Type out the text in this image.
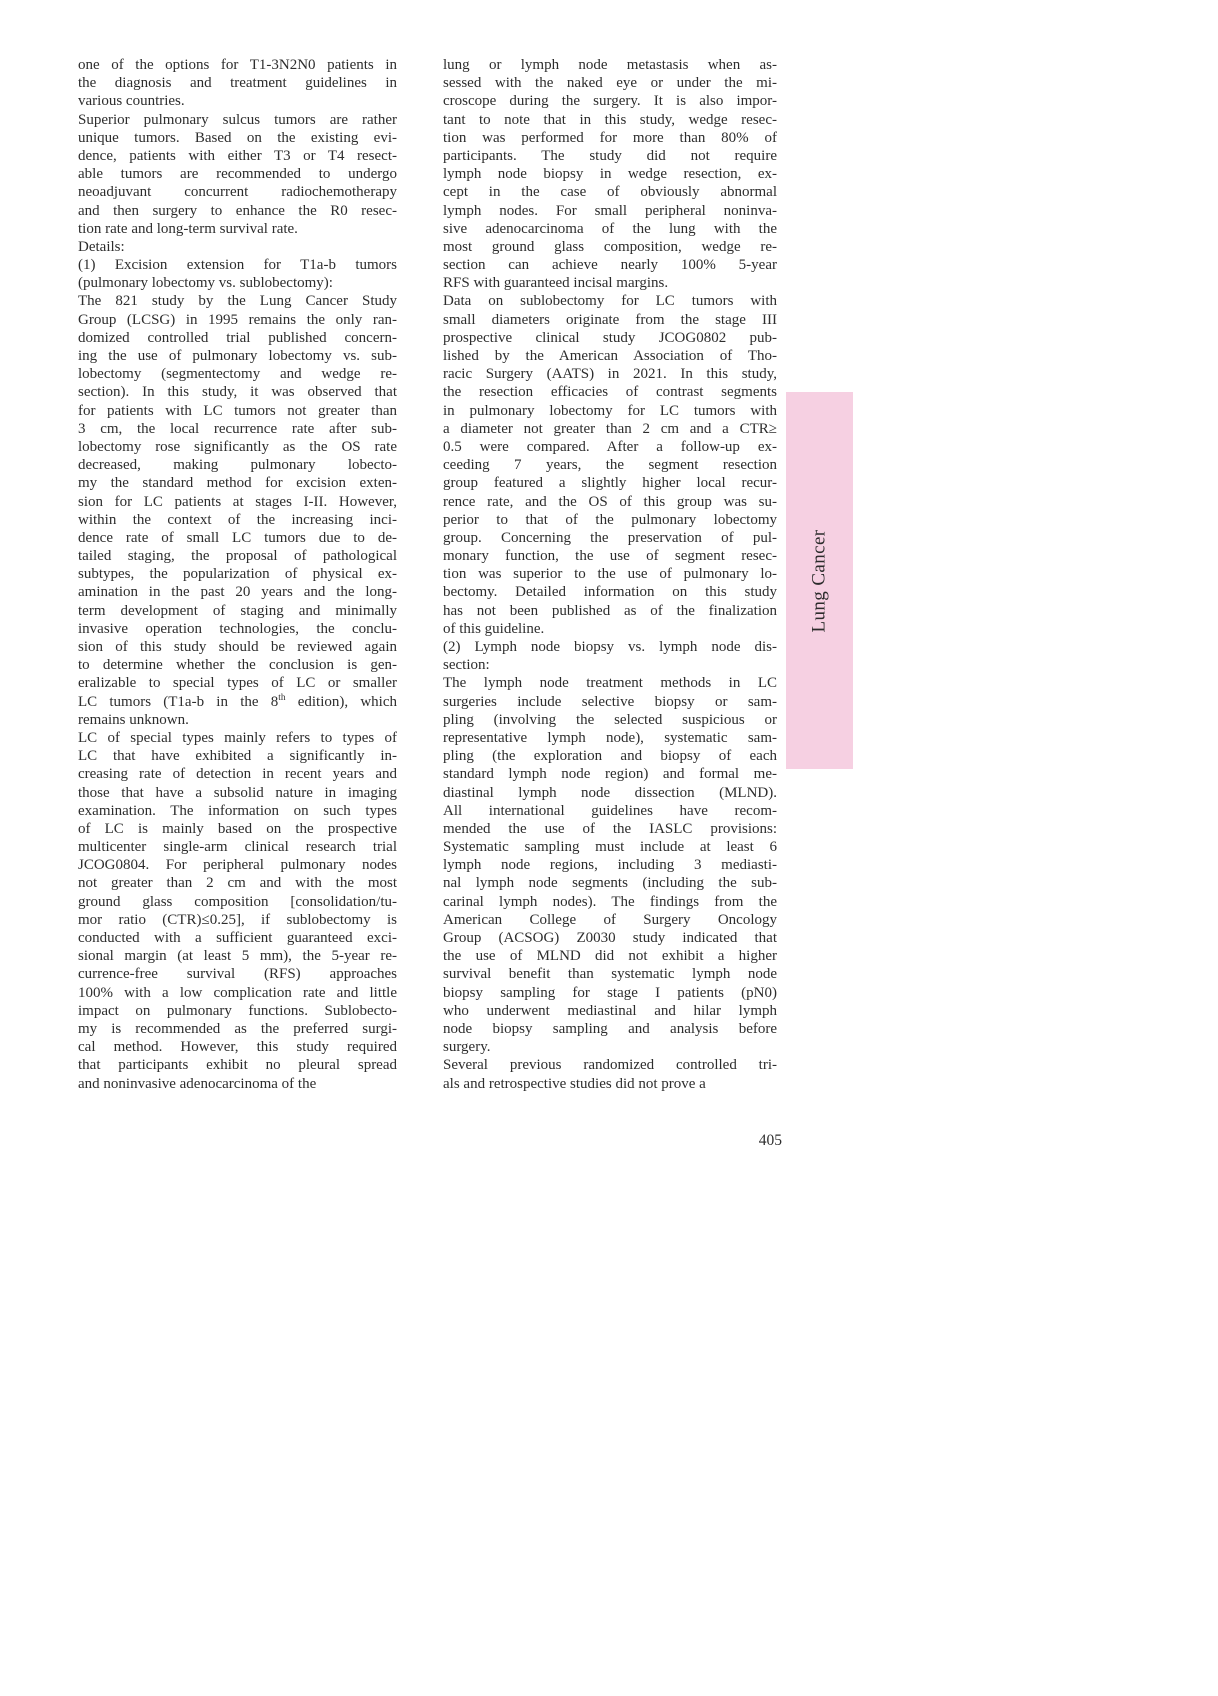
one of the options for T1-3N2N0 patients in
the diagnosis and treatment guidelines in
various countries.
Superior pulmonary sulcus tumors are rather
unique tumors. Based on the existing evi-
dence, patients with either T3 or T4 resect-
able tumors are recommended to undergo
neoadjuvant concurrent radiochemotherapy
and then surgery to enhance the R0 resec-
tion rate and long-term survival rate.
Details:
(1) Excision extension for T1a-b tumors
(pulmonary lobectomy vs. sublobectomy):
The 821 study by the Lung Cancer Study
Group (LCSG) in 1995 remains the only ran-
domized controlled trial published concern-
ing the use of pulmonary lobectomy vs. sub-
lobectomy (segmentectomy and wedge re-
section). In this study, it was observed that
for patients with LC tumors not greater than
3 cm, the local recurrence rate after sub-
lobectomy rose significantly as the OS rate
decreased, making pulmonary lobecto-
my the standard method for excision exten-
sion for LC patients at stages I-II. However,
within the context of the increasing inci-
dence rate of small LC tumors due to de-
tailed staging, the proposal of pathological
subtypes, the popularization of physical ex-
amination in the past 20 years and the long-
term development of staging and minimally
invasive operation technologies, the conclu-
sion of this study should be reviewed again
to determine whether the conclusion is gen-
eralizable to special types of LC or smaller
LC tumors (T1a-b in the 8th edition), which
remains unknown.
LC of special types mainly refers to types of
LC that have exhibited a significantly in-
creasing rate of detection in recent years and
those that have a subsolid nature in imaging
examination. The information on such types
of LC is mainly based on the prospective
multicenter single-arm clinical research trial
JCOG0804. For peripheral pulmonary nodes
not greater than 2 cm and with the most
ground glass composition [consolidation/tu-
mor ratio (CTR)≤0.25], if sublobectomy is
conducted with a sufficient guaranteed exci-
sional margin (at least 5 mm), the 5-year re-
currence-free survival (RFS) approaches
100% with a low complication rate and little
impact on pulmonary functions. Sublobecto-
my is recommended as the preferred surgi-
cal method. However, this study required
that participants exhibit no pleural spread
and noninvasive adenocarcinoma of the
lung or lymph node metastasis when as-
sessed with the naked eye or under the mi-
croscope during the surgery. It is also impor-
tant to note that in this study, wedge resec-
tion was performed for more than 80% of
participants. The study did not require
lymph node biopsy in wedge resection, ex-
cept in the case of obviously abnormal
lymph nodes. For small peripheral noninva-
sive adenocarcinoma of the lung with the
most ground glass composition, wedge re-
section can achieve nearly 100% 5-year
RFS with guaranteed incisal margins.
Data on sublobectomy for LC tumors with
small diameters originate from the stage III
prospective clinical study JCOG0802 pub-
lished by the American Association of Tho-
racic Surgery (AATS) in 2021. In this study,
the resection efficacies of contrast segments
in pulmonary lobectomy for LC tumors with
a diameter not greater than 2 cm and a CTR≥
0.5 were compared. After a follow-up ex-
ceeding 7 years, the segment resection
group featured a slightly higher local recur-
rence rate, and the OS of this group was su-
perior to that of the pulmonary lobectomy
group. Concerning the preservation of pul-
monary function, the use of segment resec-
tion was superior to the use of pulmonary lo-
bectomy. Detailed information on this study
has not been published as of the finalization
of this guideline.
(2) Lymph node biopsy vs. lymph node dis-
section:
The lymph node treatment methods in LC
surgeries include selective biopsy or sam-
pling (involving the selected suspicious or
representative lymph node), systematic sam-
pling (the exploration and biopsy of each
standard lymph node region) and formal me-
diastinal lymph node dissection (MLND).
All international guidelines have recom-
mended the use of the IASLC provisions:
Systematic sampling must include at least 6
lymph node regions, including 3 mediasti-
nal lymph node segments (including the sub-
carinal lymph nodes). The findings from the
American College of Surgery Oncology
Group (ACSOG) Z0030 study indicated that
the use of MLND did not exhibit a higher
survival benefit than systematic lymph node
biopsy sampling for stage I patients (pN0)
who underwent mediastinal and hilar lymph
node biopsy sampling and analysis before
surgery.
Several previous randomized controlled tri-
als and retrospective studies did not prove a
Lung Cancer
405
